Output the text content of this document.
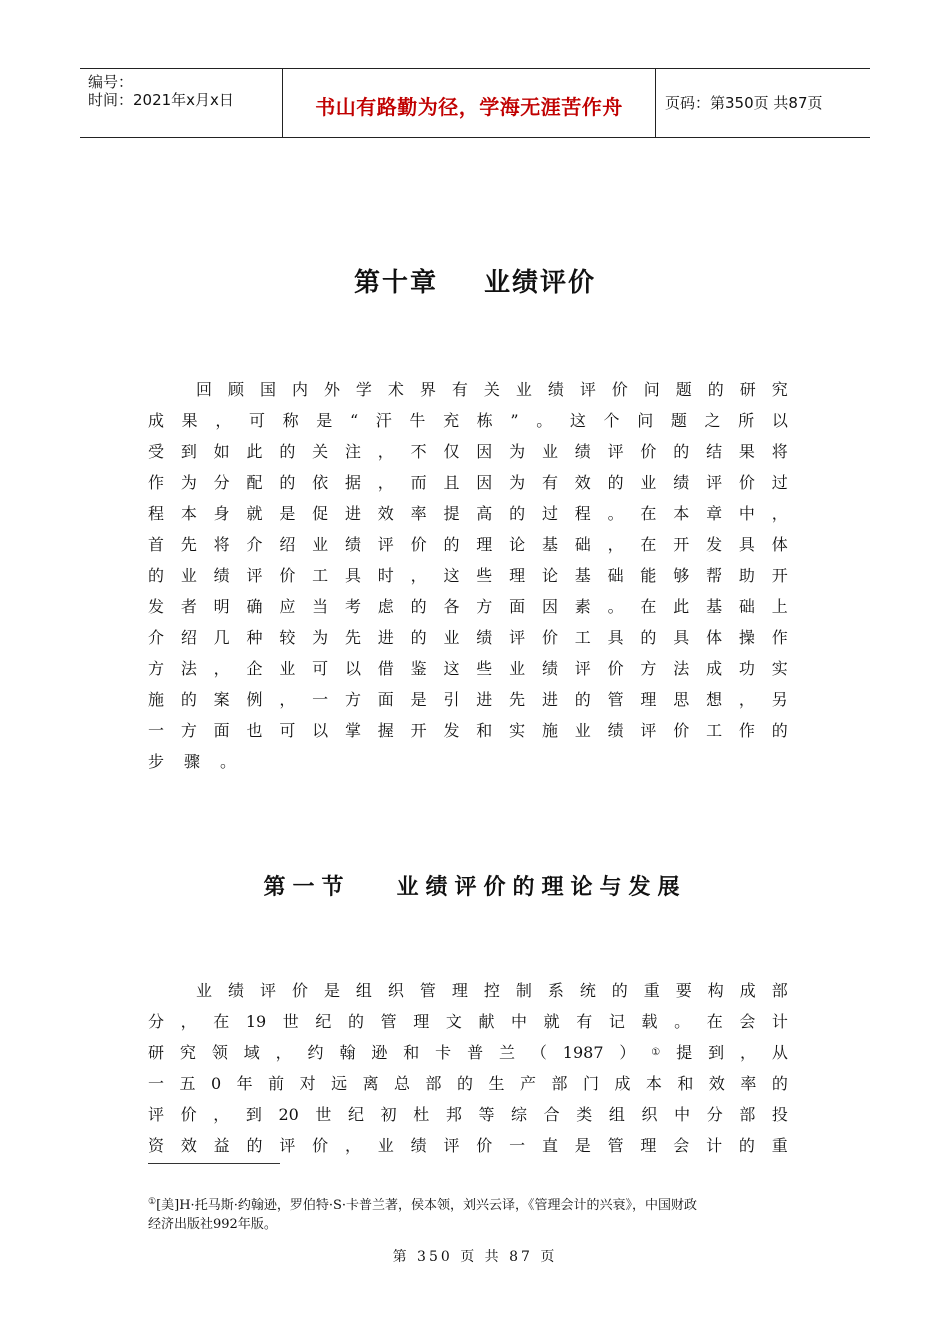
编号：
时间：2021年x月x日	书山有路勤为径，学海无涯苦作舟	页码：第350页 共87页
第十章 业绩评价
回 顾 国 内 外 学 术 界 有 关 业 绩 评 价 问 题 的 研 究
成 果 ， 可 称 是 “ 汗 牛 充 栋 ” 。 这 个 问 题 之 所 以
受 到 如 此 的 关 注 ， 不 仅 因 为 业 绩 评 价 的 结 果 将
作 为 分 配 的 依 据 ， 而 且 因 为 有 效 的 业 绩 评 价 过
程 本 身 就 是 促 进 效 率 提 高 的 过 程 。 在 本 章 中 ，
首 先 将 介 绍 业 绩 评 价 的 理 论 基 础 ， 在 开 发 具 体
的 业 绩 评 价 工 具 时 ， 这 些 理 论 基 础 能 够 帮 助 开
发 者 明 确 应 当 考 虑 的 各 方 面 因 素 。 在 此 基 础 上
介 绍 几 种 较 为 先 进 的 业 绩 评 价 工 具 的 具 体 操 作
方 法 ， 企 业 可 以 借 鉴 这 些 业 绩 评 价 方 法 成 功 实
施 的 案 例 ， 一 方 面 是 引 进 先 进 的 管 理 思 想 ， 另
一 方 面 也 可 以 掌 握 开 发 和 实 施 业 绩 评 价 工 作 的
步 骤 。
第一节 业绩评价的理论与发展
业 绩 评 价 是 组 织 管 理 控 制 系 统 的 重 要 构 成 部
分 ， 在 19 世 纪 的 管 理 文 献 中 就 有 记 载 。 在 会 计
研 究 领 域 ， 约 翰 逊 和 卡 普 兰 （ 1987 ） ① 提 到 ， 从
一 五 0 年 前 对 远 离 总 部 的 生 产 部 门 成 本 和 效 率 的
评 价 ， 到 20 世 纪 初 杜 邦 等 综 合 类 组 织 中 分 部 投
资 效 益 的 评 价 ， 业 绩 评 价 一 直 是 管 理 会 计 的 重
①[美]H·托马斯·约翰逊，罗伯特·S·卡普兰著，侯本领，刘兴云译，《管理会计的兴衰》，中国财政
经济出版社992年版。
第 350 页 共 87 页
